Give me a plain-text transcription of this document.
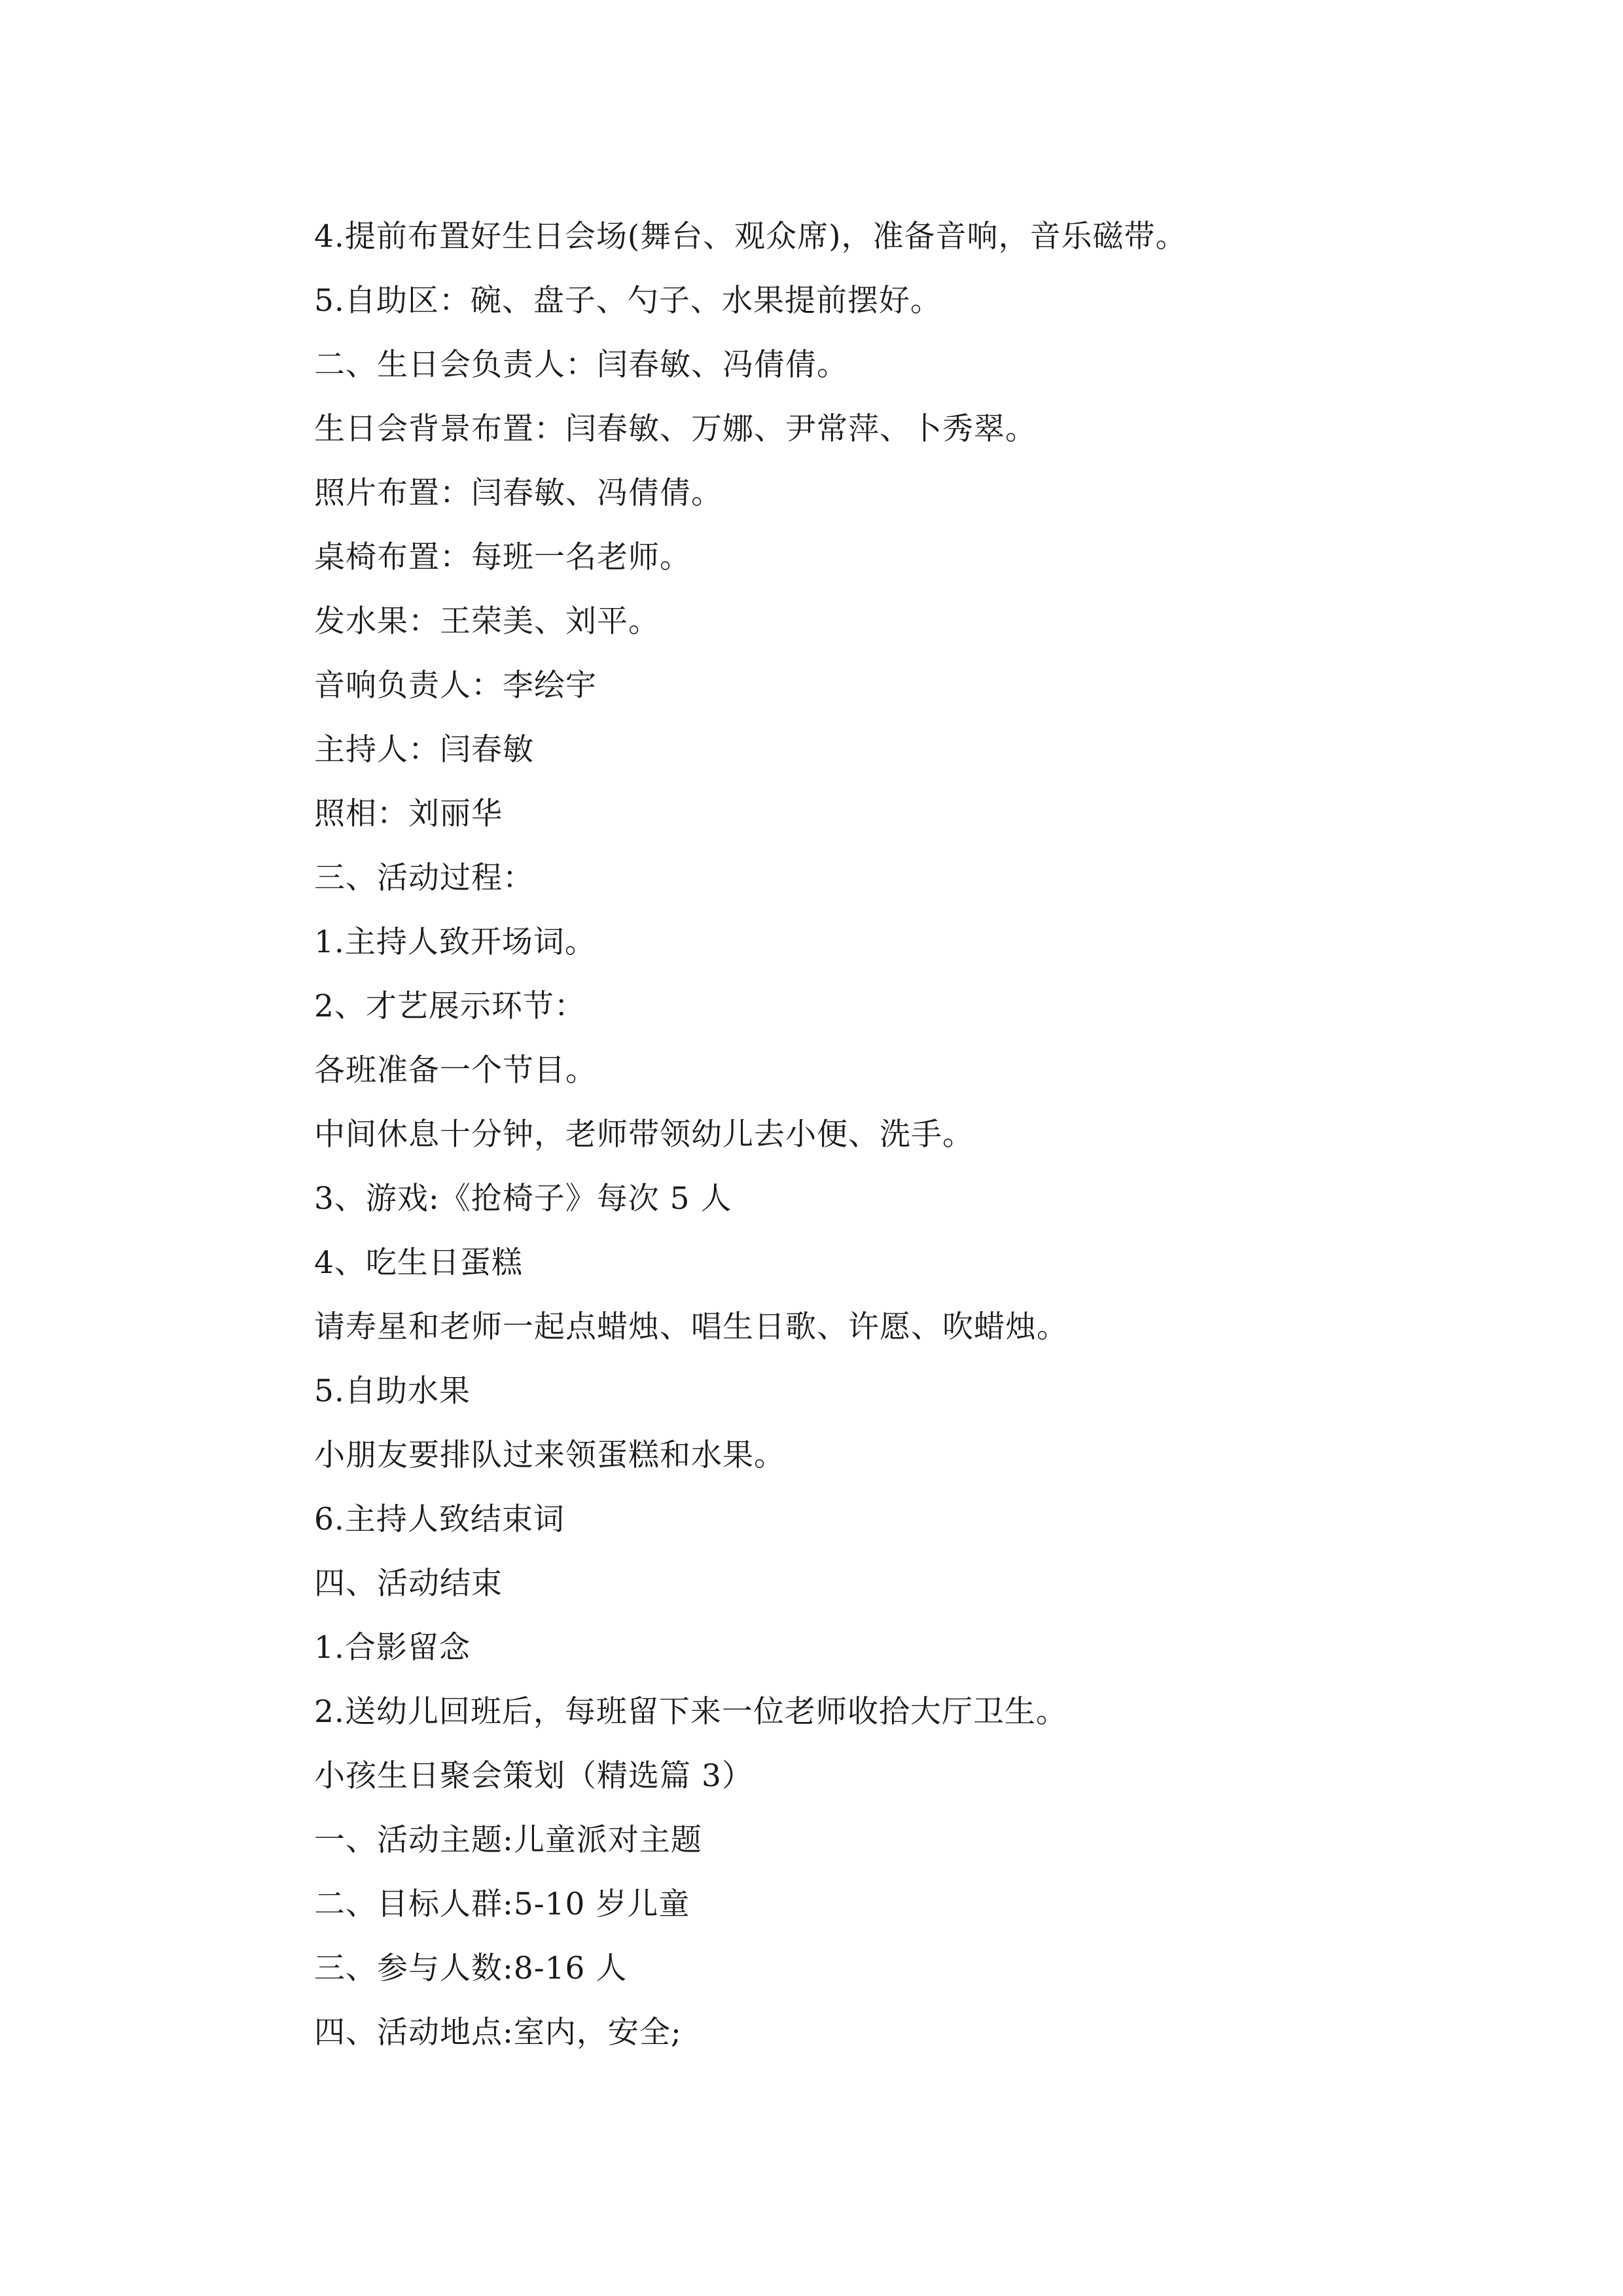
4.提前布置好生日会场(舞台、观众席)，准备音响，音乐磁带。
5.自助区：碗、盘子、勺子、水果提前摆好。
二、生日会负责人：闫春敏、冯倩倩。
生日会背景布置：闫春敏、万娜、尹常萍、卜秀翠。
照片布置：闫春敏、冯倩倩。
桌椅布置：每班一名老师。
发水果：王荣美、刘平。
音响负责人：李绘宇
主持人：闫春敏
照相：刘丽华
三、活动过程：
1.主持人致开场词。
2、才艺展示环节：
各班准备一个节目。
中间休息十分钟，老师带领幼儿去小便、洗手。
3、游戏:《抢椅子》每次 5 人
4、吃生日蛋糕
请寿星和老师一起点蜡烛、唱生日歌、许愿、吹蜡烛。
5.自助水果
小朋友要排队过来领蛋糕和水果。
6.主持人致结束词
四、活动结束
1.合影留念
2.送幼儿回班后，每班留下来一位老师收拾大厅卫生。
小孩生日聚会策划（精选篇 3）
一、活动主题:儿童派对主题
二、目标人群:5-10 岁儿童
三、参与人数:8-16 人
四、活动地点:室内，安全;
